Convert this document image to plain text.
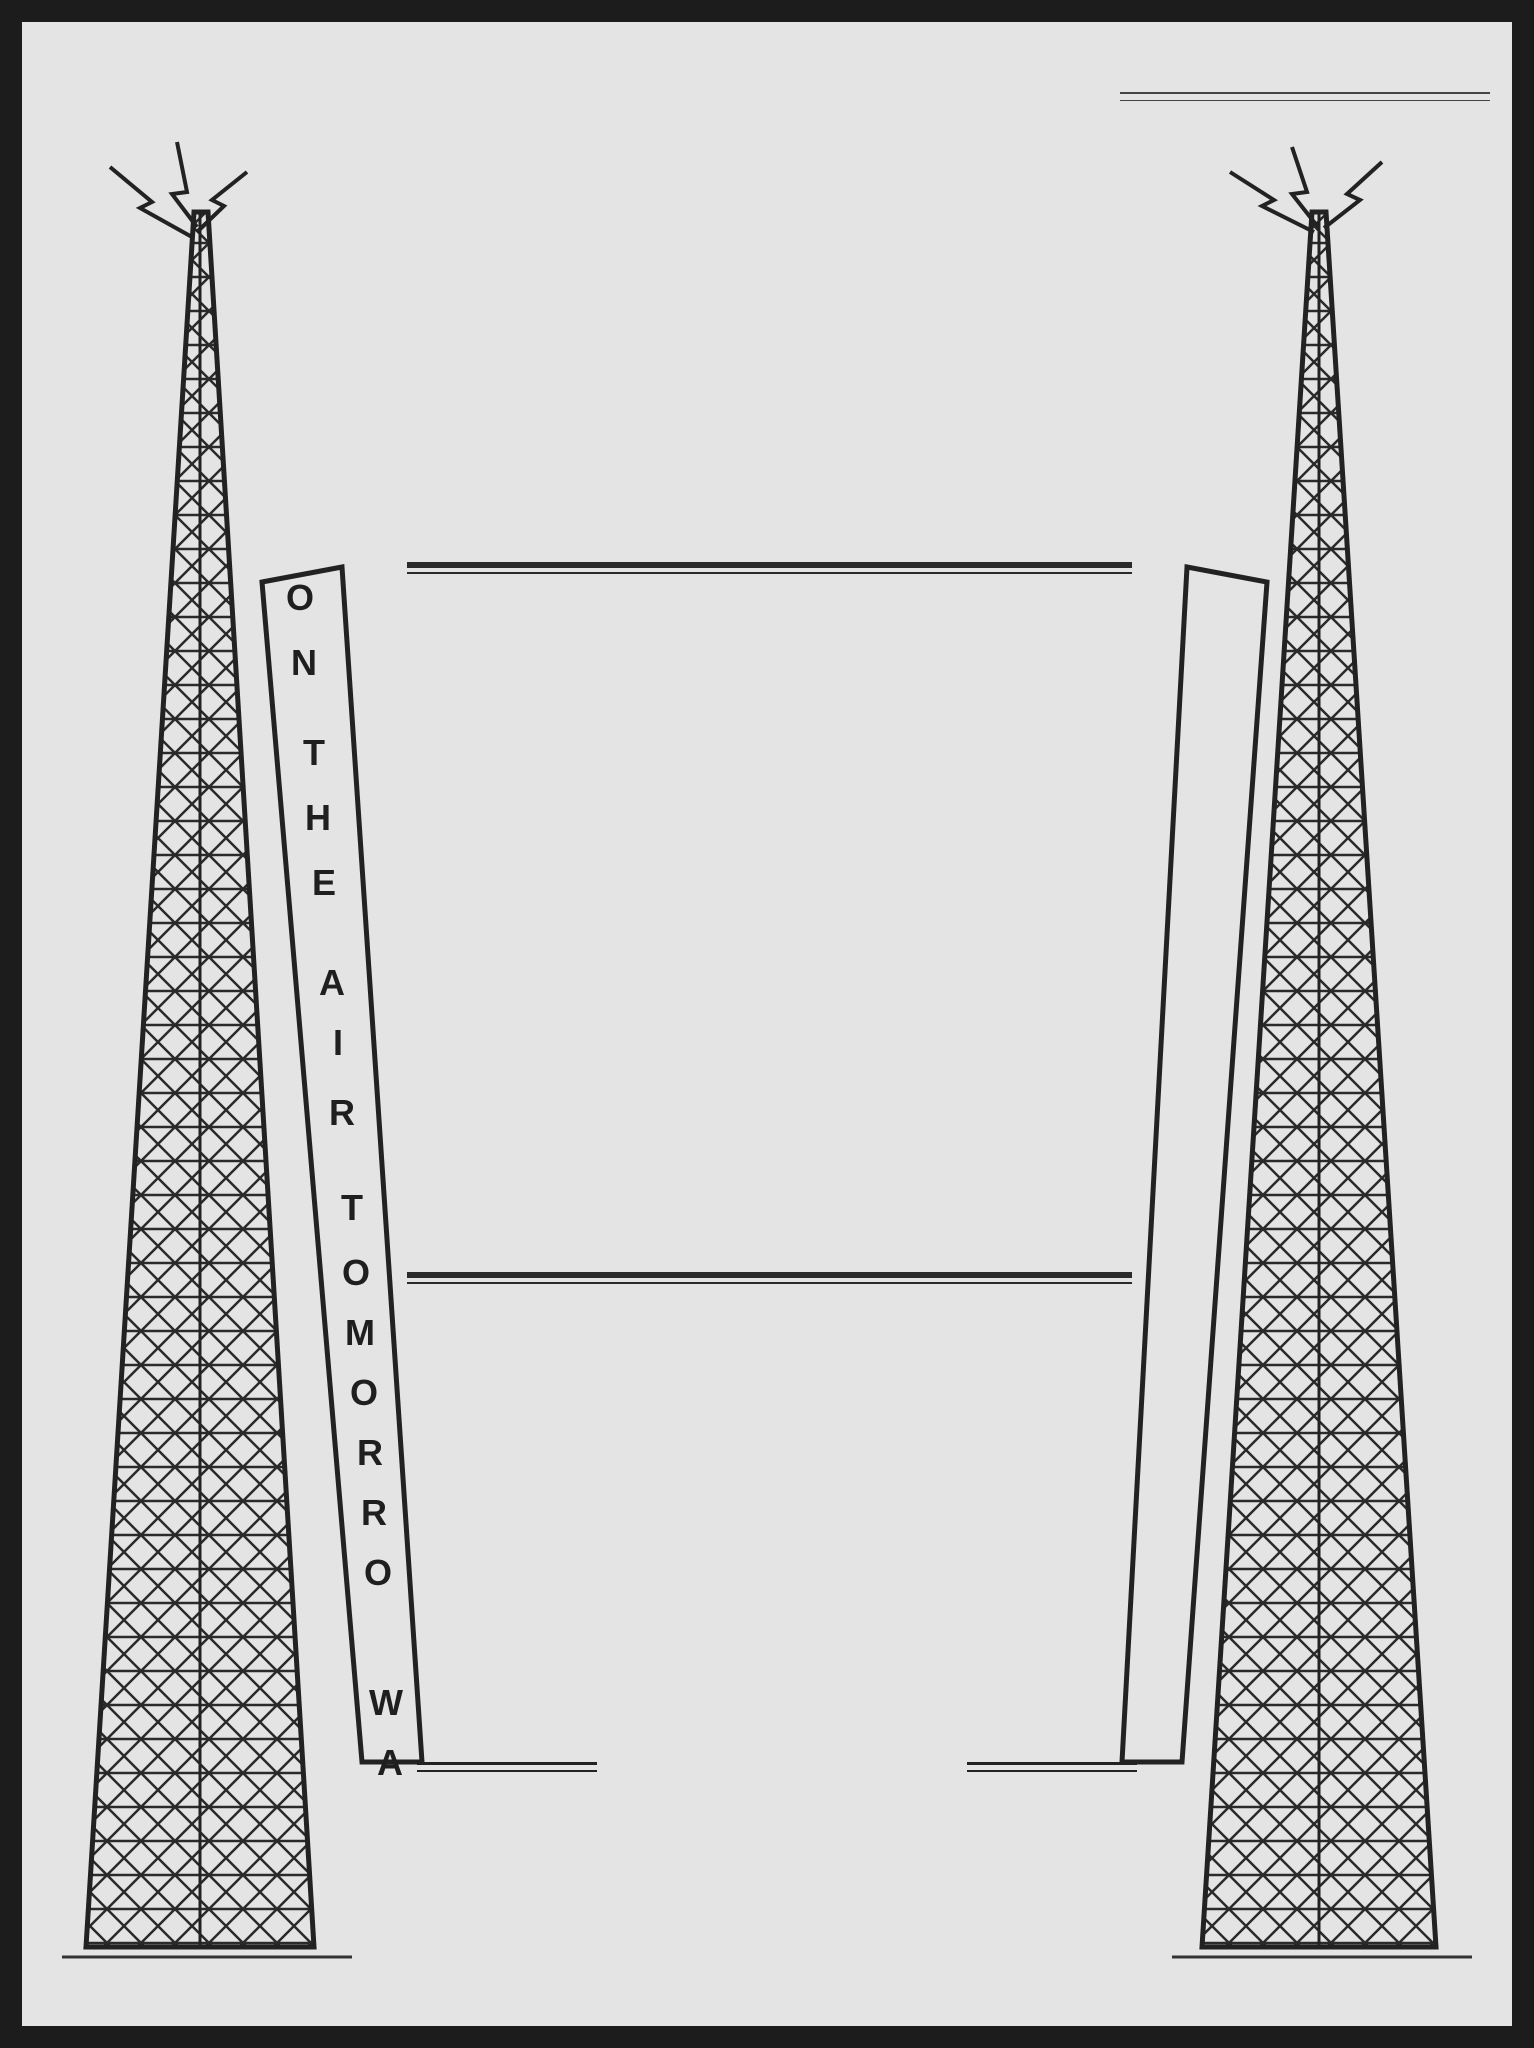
O
N
T
H
E
A
I
R
T
O
M
O
R
R
O
W
A
